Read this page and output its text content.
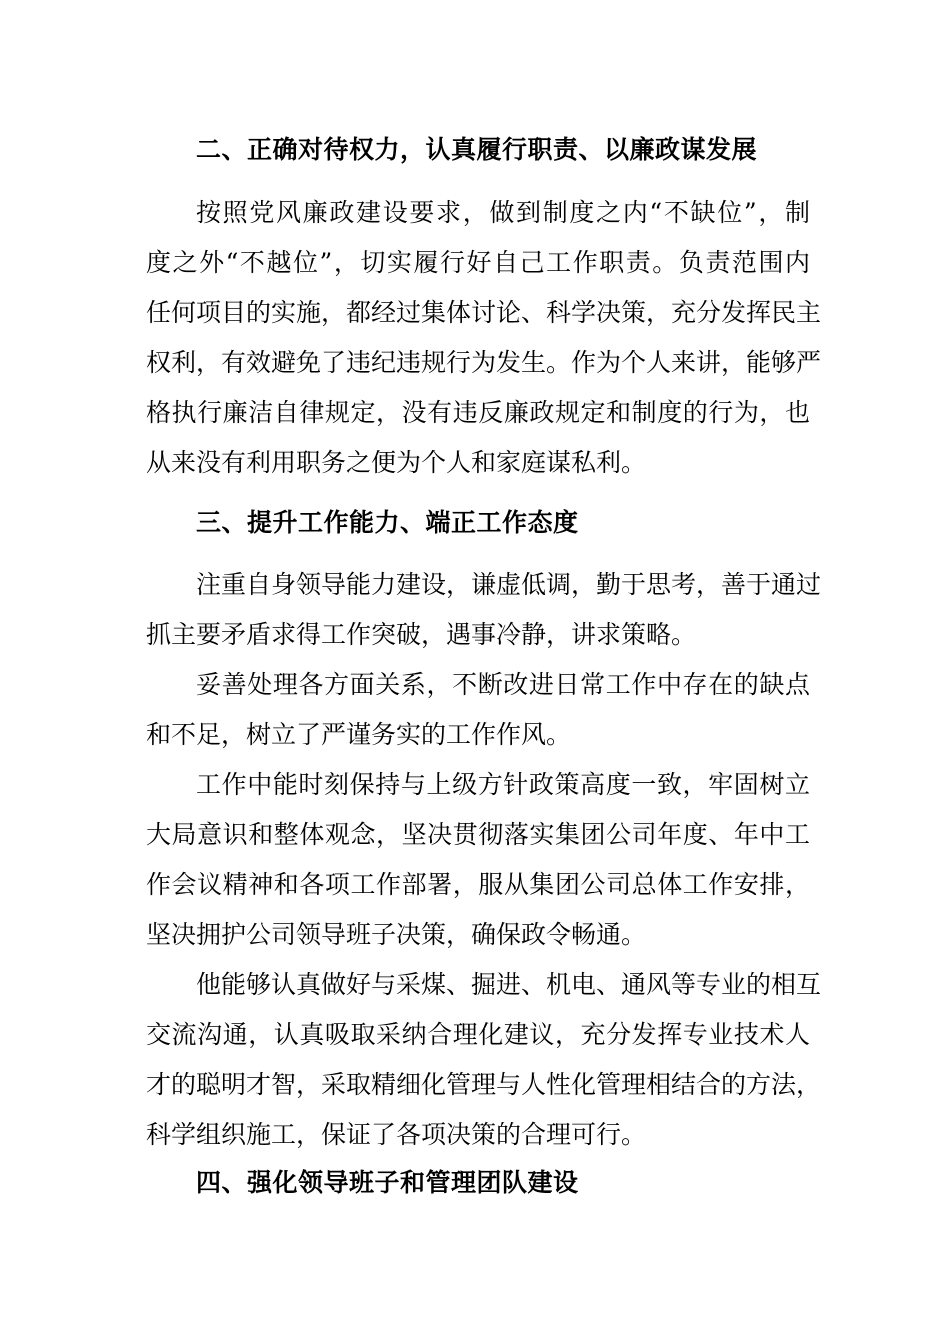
二、正确对待权力，认真履行职责、以廉政谋发展
按照党风廉政建设要求，做到制度之内“不缺位”，制
度之外“不越位”，切实履行好自己工作职责。负责范围内
任何项目的实施，都经过集体讨论、科学决策，充分发挥民主
权利，有效避免了违纪违规行为发生。作为个人来讲，能够严
格执行廉洁自律规定，没有违反廉政规定和制度的行为，也
从来没有利用职务之便为个人和家庭谋私利。
三、提升工作能力、端正工作态度
注重自身领导能力建设，谦虚低调，勤于思考，善于通过
抓主要矛盾求得工作突破，遇事冷静，讲求策略。
妥善处理各方面关系，不断改进日常工作中存在的缺点
和不足，树立了严谨务实的工作作风。
工作中能时刻保持与上级方针政策高度一致，牢固树立
大局意识和整体观念，坚决贯彻落实集团公司年度、年中工
作会议精神和各项工作部署，服从集团公司总体工作安排，
坚决拥护公司领导班子决策，确保政令畅通。
他能够认真做好与采煤、掘进、机电、通风等专业的相互
交流沟通，认真吸取采纳合理化建议，充分发挥专业技术人
才的聪明才智，采取精细化管理与人性化管理相结合的方法，
科学组织施工，保证了各项决策的合理可行。
四、强化领导班子和管理团队建设
